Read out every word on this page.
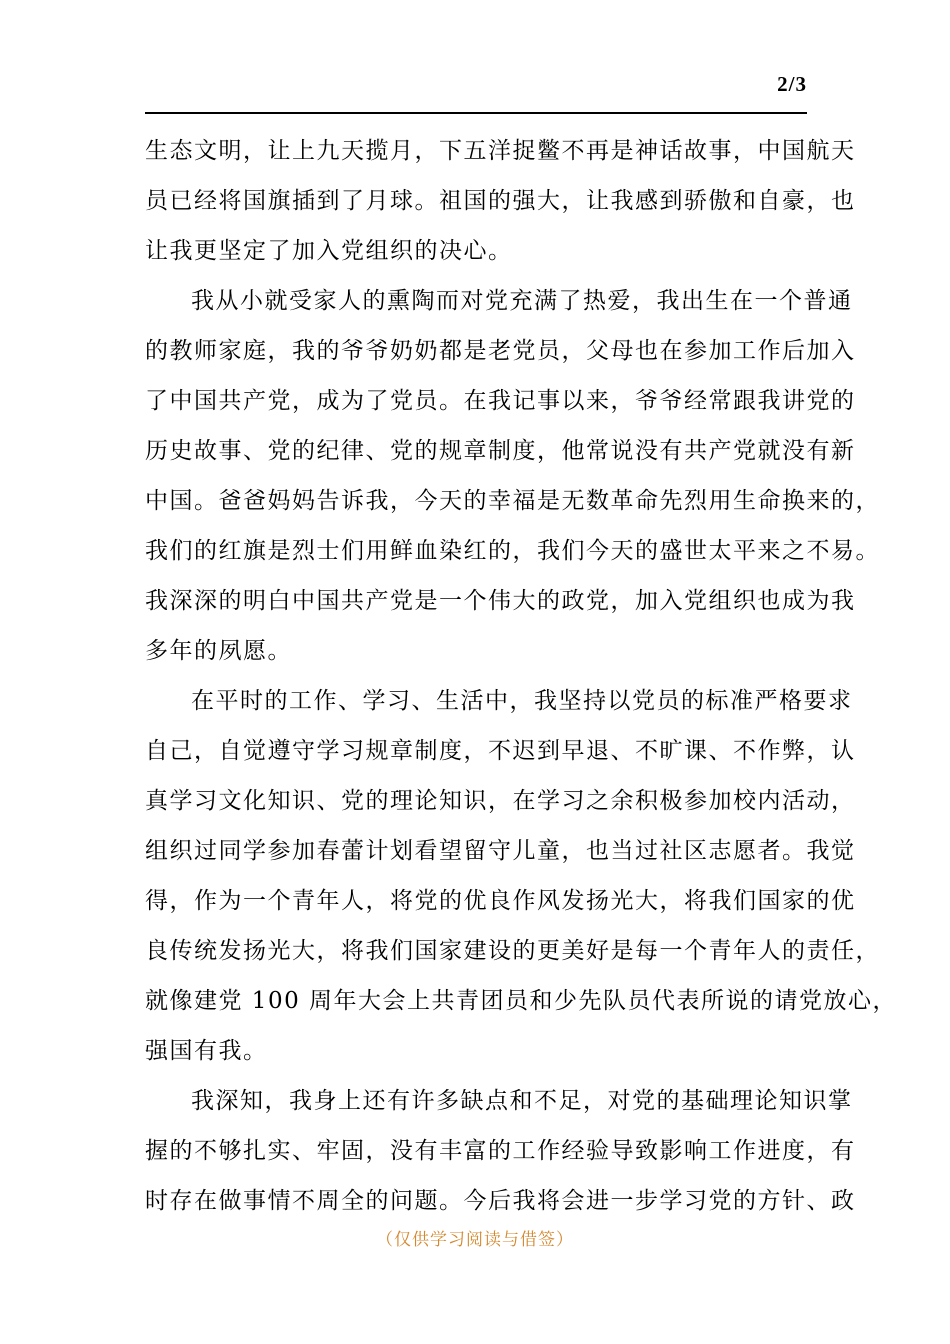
2/3
生态文明，让上九天揽月，下五洋捉鳖不再是神话故事，中国航天
员已经将国旗插到了月球。祖国的强大，让我感到骄傲和自豪，也
让我更坚定了加入党组织的决心。
我从小就受家人的熏陶而对党充满了热爱，我出生在一个普通
的教师家庭，我的爷爷奶奶都是老党员，父母也在参加工作后加入
了中国共产党，成为了党员。在我记事以来，爷爷经常跟我讲党的
历史故事、党的纪律、党的规章制度，他常说没有共产党就没有新
中国。爸爸妈妈告诉我，今天的幸福是无数革命先烈用生命换来的，
我们的红旗是烈士们用鲜血染红的，我们今天的盛世太平来之不易。
我深深的明白中国共产党是一个伟大的政党，加入党组织也成为我
多年的夙愿。
在平时的工作、学习、生活中，我坚持以党员的标准严格要求
自己，自觉遵守学习规章制度，不迟到早退、不旷课、不作弊，认
真学习文化知识、党的理论知识，在学习之余积极参加校内活动，
组织过同学参加春蕾计划看望留守儿童，也当过社区志愿者。我觉
得，作为一个青年人，将党的优良作风发扬光大，将我们国家的优
良传统发扬光大，将我们国家建设的更美好是每一个青年人的责任，
就像建党 100 周年大会上共青团员和少先队员代表所说的请党放心，
强国有我。
我深知，我身上还有许多缺点和不足，对党的基础理论知识掌
握的不够扎实、牢固，没有丰富的工作经验导致影响工作进度，有
时存在做事情不周全的问题。今后我将会进一步学习党的方针、政
（仅供学习阅读与借签）
